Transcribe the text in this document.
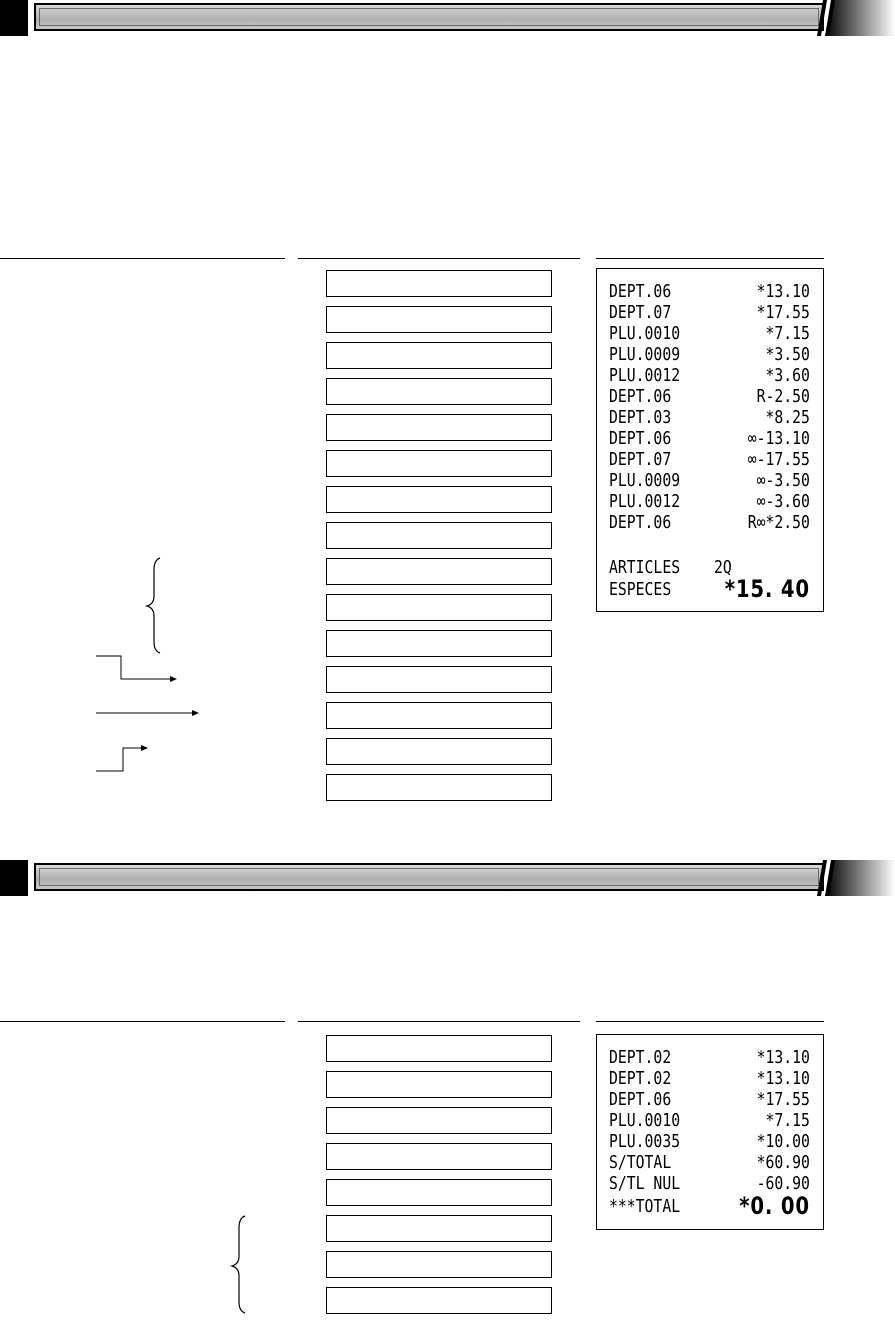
DEPT.06	*13.10
DEPT.07	*17.55
PLU.0010	*7.15
PLU.0009	*3.50
PLU.0012	*3.60
DEPT.06	R-2.50
DEPT.03	*8.25
DEPT.06	∞-13.10
DEPT.07	∞-17.55
PLU.0009	∞-3.50
PLU.0012	∞-3.60
DEPT.06	R∞*2.50
ARTICLES 2Q
ESPECES *15. 40
DEPT.02	*13.10
DEPT.02	*13.10
DEPT.06	*17.55
PLU.0010	*7.15
PLU.0035	*10.00
S/TOTAL	*60.90
S/TL NUL	-60.90
***TOTAL *0. 00
